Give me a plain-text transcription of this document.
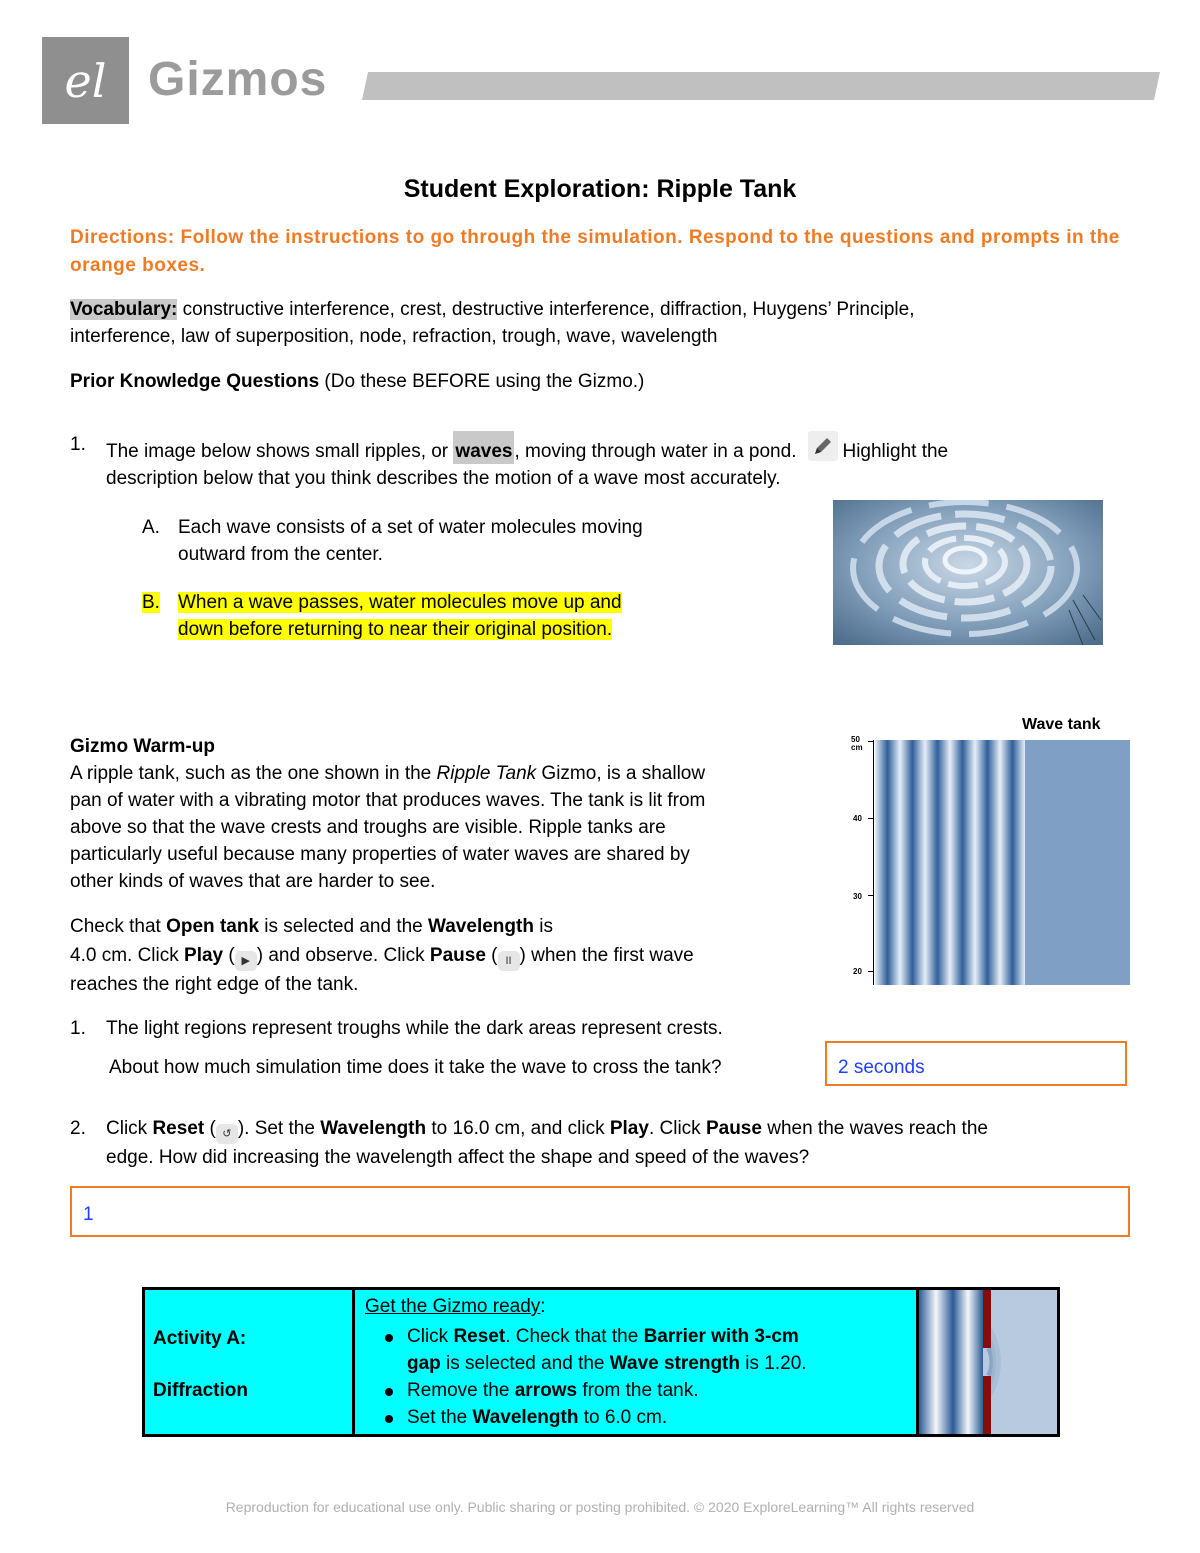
el Gizmos
Student Exploration: Ripple Tank
Directions: Follow the instructions to go through the simulation. Respond to the questions and prompts in the orange boxes.
Vocabulary: constructive interference, crest, destructive interference, diffraction, Huygens’ Principle,
interference, law of superposition, node, refraction, trough, wave, wavelength
Prior Knowledge Questions (Do these BEFORE using the Gizmo.)
1. The image below shows small ripples, or waves , moving through water in a pond. Highlight the
description below that you think describes the motion of a wave most accurately.
A. Each wave consists of a set of water molecules moving
outward from the center.
B. When a wave passes, water molecules move up and
down before returning to near their original position.
Gizmo Warm-up
A ripple tank, such as the one shown in the Ripple Tank Gizmo, is a shallow
pan of water with a vibrating motor that produces waves. The tank is lit from
above so that the wave crests and troughs are visible. Ripple tanks are
particularly useful because many properties of water waves are shared by
other kinds of waves that are harder to see.
Check that Open tank is selected and the Wavelength is
4.0 cm. Click Play ( ▶ ) and observe. Click Pause ( II ) when the first wave
reaches the right edge of the tank.
Wave tank
50 cm
40
30
20
1. The light regions represent troughs while the dark areas represent crests.
About how much simulation time does it take the wave to cross the tank?	2 seconds
2. Click Reset ( ↺ ). Set the Wavelength to 16.0 cm, and click Play. Click Pause when the waves reach the
edge. How did increasing the wavelength affect the shape and speed of the waves?
1
Activity A:
Diffraction
Get the Gizmo ready:
Click Reset. Check that the Barrier with 3-cm
gap is selected and the Wave strength is 1.20.
Remove the arrows from the tank.
Set the Wavelength to 6.0 cm.
Reproduction for educational use only. Public sharing or posting prohibited. © 2020 ExploreLearning™ All rights reserved
